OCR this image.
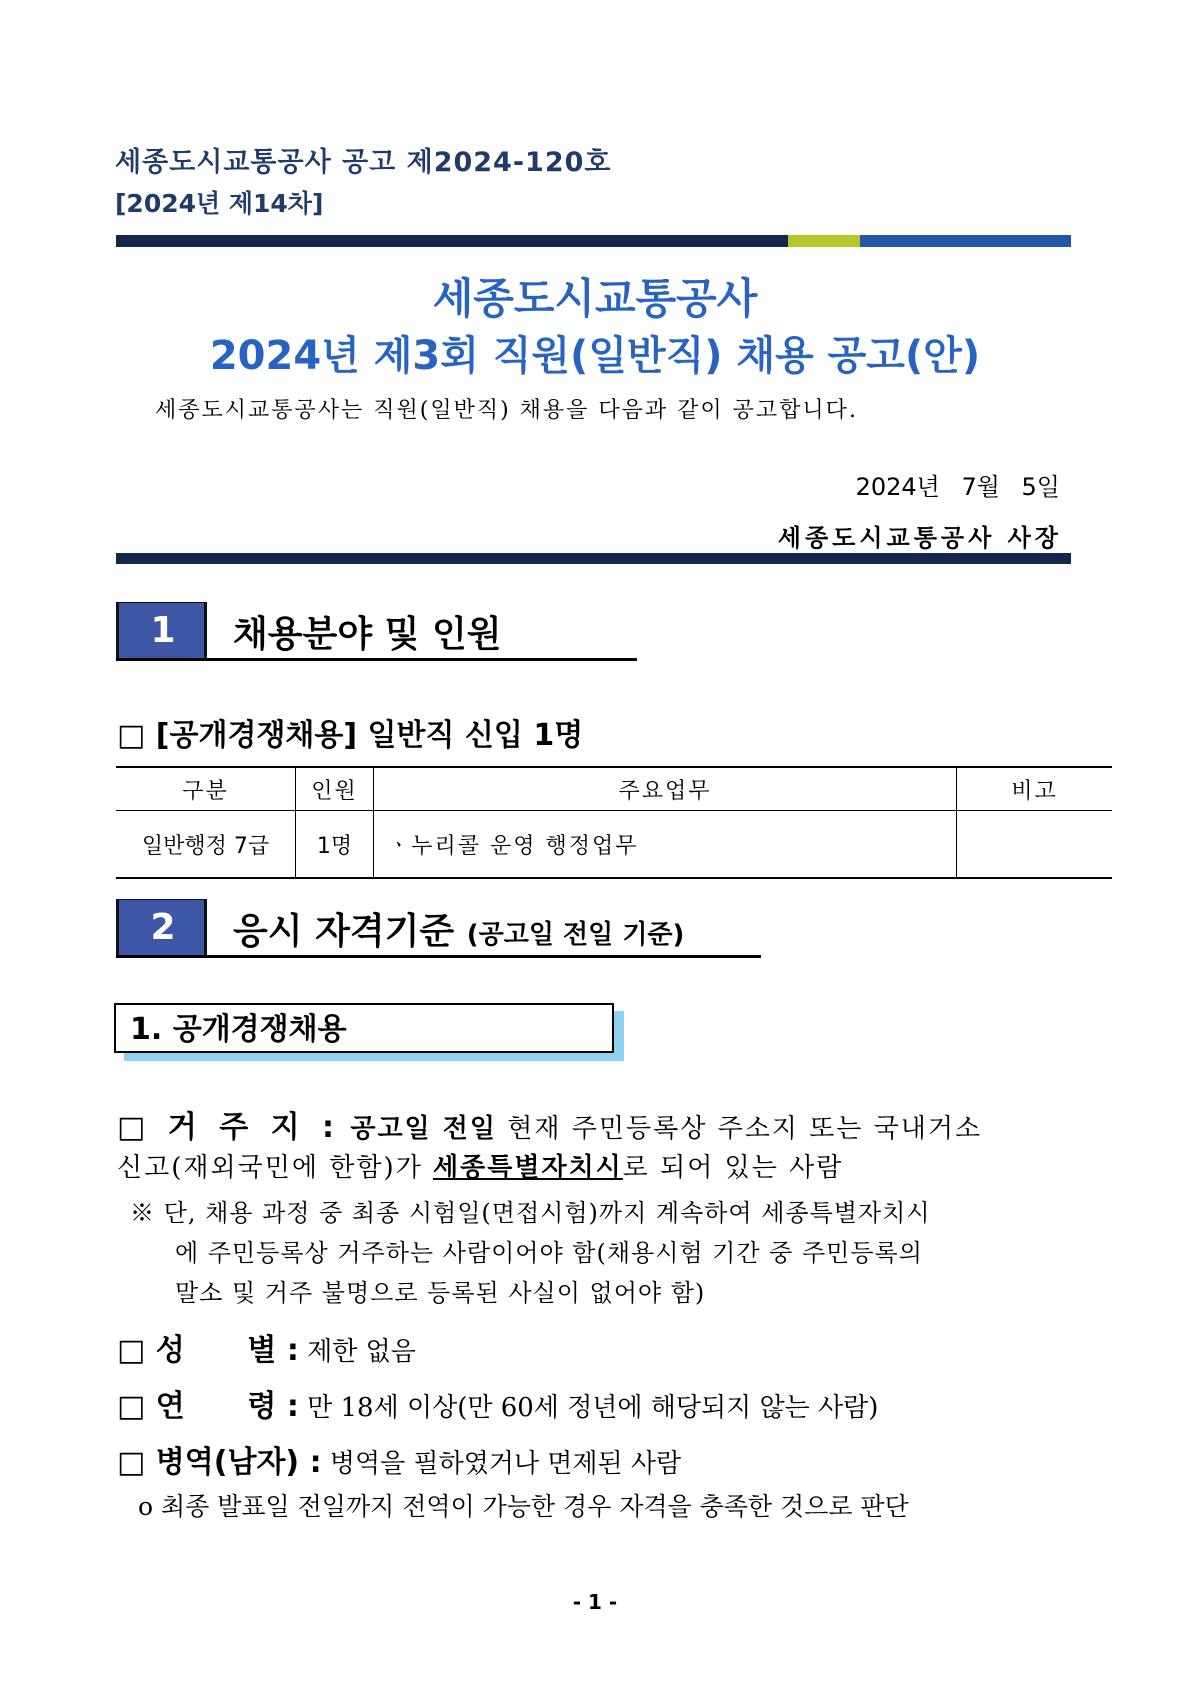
세종도시교통공사 공고 제2024-120호
[2024년 제14차]
세종도시교통공사
2024년 제3회 직원(일반직) 채용 공고(안)
세종도시교통공사는 직원(일반직) 채용을 다음과 같이 공고합니다.
2024년 7월 5일
세종도시교통공사 사장
1	채용분야 및 인원
□ [공개경쟁채용] 일반직 신입 1명
구분	인원	주요업무	비고
일반행정 7급	1명	ㆍ누리콜 운영 행정업무	
2	응시 자격기준 (공고일 전일 기준)
1. 공개경쟁채용
□ 거 주 지 : 공고일 전일 현재 주민등록상 주소지 또는 국내거소
신고(재외국민에 한함)가 세종특별자치시로 되어 있는 사람
※ 단, 채용 과정 중 최종 시험일(면접시험)까지 계속하여 세종특별자치시
에 주민등록상 거주하는 사람이어야 함(채용시험 기간 중 주민등록의
말소 및 거주 불명으로 등록된 사실이 없어야 함)
□ 성      별 : 제한 없음
□ 연      령 : 만 18세 이상(만 60세 정년에 해당되지 않는 사람)
□ 병역(남자) : 병역을 필하였거나 면제된 사람
o 최종 발표일 전일까지 전역이 가능한 경우 자격을 충족한 것으로 판단
- 1 -
